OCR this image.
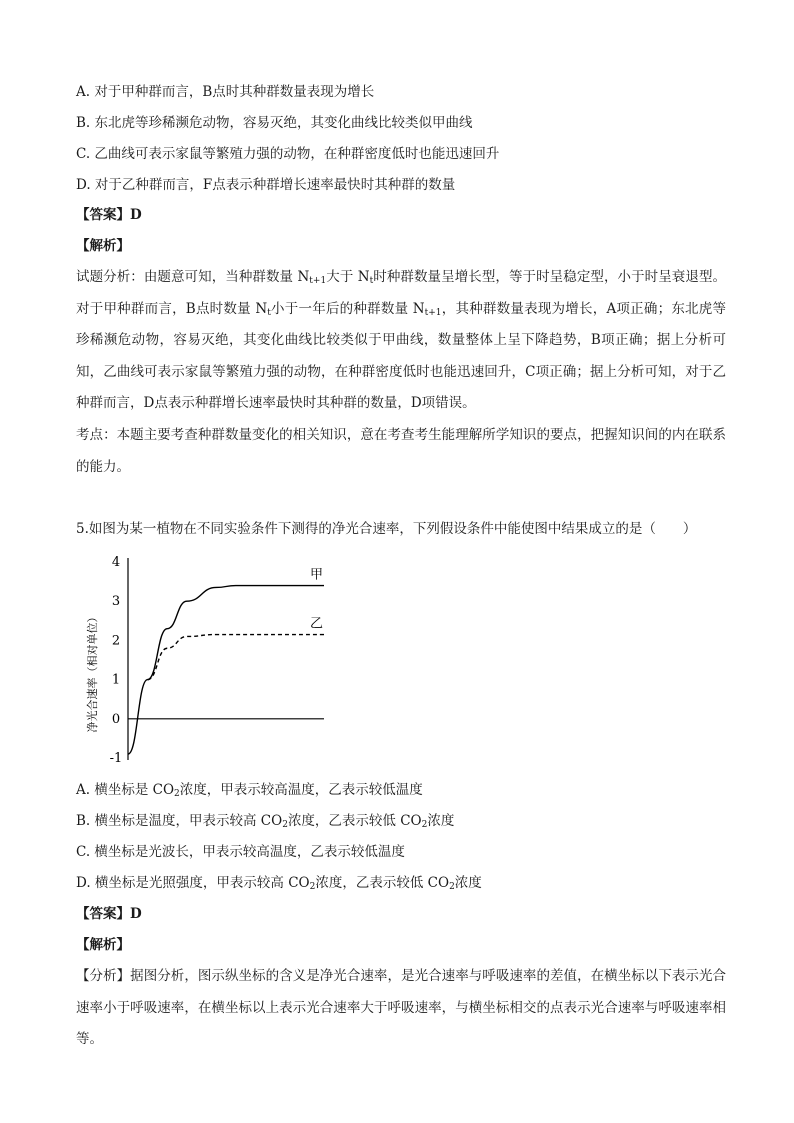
A. 对于甲种群而言，B点时其种群数量表现为增长
B. 东北虎等珍稀濒危动物，容易灭绝，其变化曲线比较类似甲曲线
C. 乙曲线可表示家鼠等繁殖力强的动物，在种群密度低时也能迅速回升
D. 对于乙种群而言，F点表示种群增长速率最快时其种群的数量
【答案】D
【解析】
试题分析：由题意可知，当种群数量 $N_{t+1}$大于 $N_t$时种群数量呈增长型，等于时呈稳定型，小于时呈衰退型。对于甲种群而言，B点时数量 $N_t$小于一年后的种群数量 $N_{t+1}$，其种群数量表现为增长，A项正确；东北虎等珍稀濒危动物，容易灭绝，其变化曲线比较类似于甲曲线，数量整体上呈下降趋势，B项正确；据上分析可知，乙曲线可表示家鼠等繁殖力强的动物，在种群密度低时也能迅速回升，C项正确；据上分析可知，对于乙种群而言，D点表示种群增长速率最快时其种群的数量，D项错误。
考点：本题主要考查种群数量变化的相关知识，意在考查考生能理解所学知识的要点，把握知识间的内在联系的能力。
5.如图为某一植物在不同实验条件下测得的净光合速率，下列假设条件中能使图中结果成立的是（　　）
4
3
2
1
0
-1
净光合速率（相对单位）
甲
乙
A. 横坐标是 $CO_2$浓度，甲表示较高温度，乙表示较低温度
B. 横坐标是温度，甲表示较高 $CO_2$浓度，乙表示较低 $CO_2$浓度
C. 横坐标是光波长，甲表示较高温度，乙表示较低温度
D. 横坐标是光照强度，甲表示较高 $CO_2$浓度，乙表示较低 $CO_2$浓度
【答案】D
【解析】
【分析】据图分析，图示纵坐标的含义是净光合速率，是光合速率与呼吸速率的差值，在横坐标以下表示光合速率小于呼吸速率，在横坐标以上表示光合速率大于呼吸速率，与横坐标相交的点表示光合速率与呼吸速率相等。
